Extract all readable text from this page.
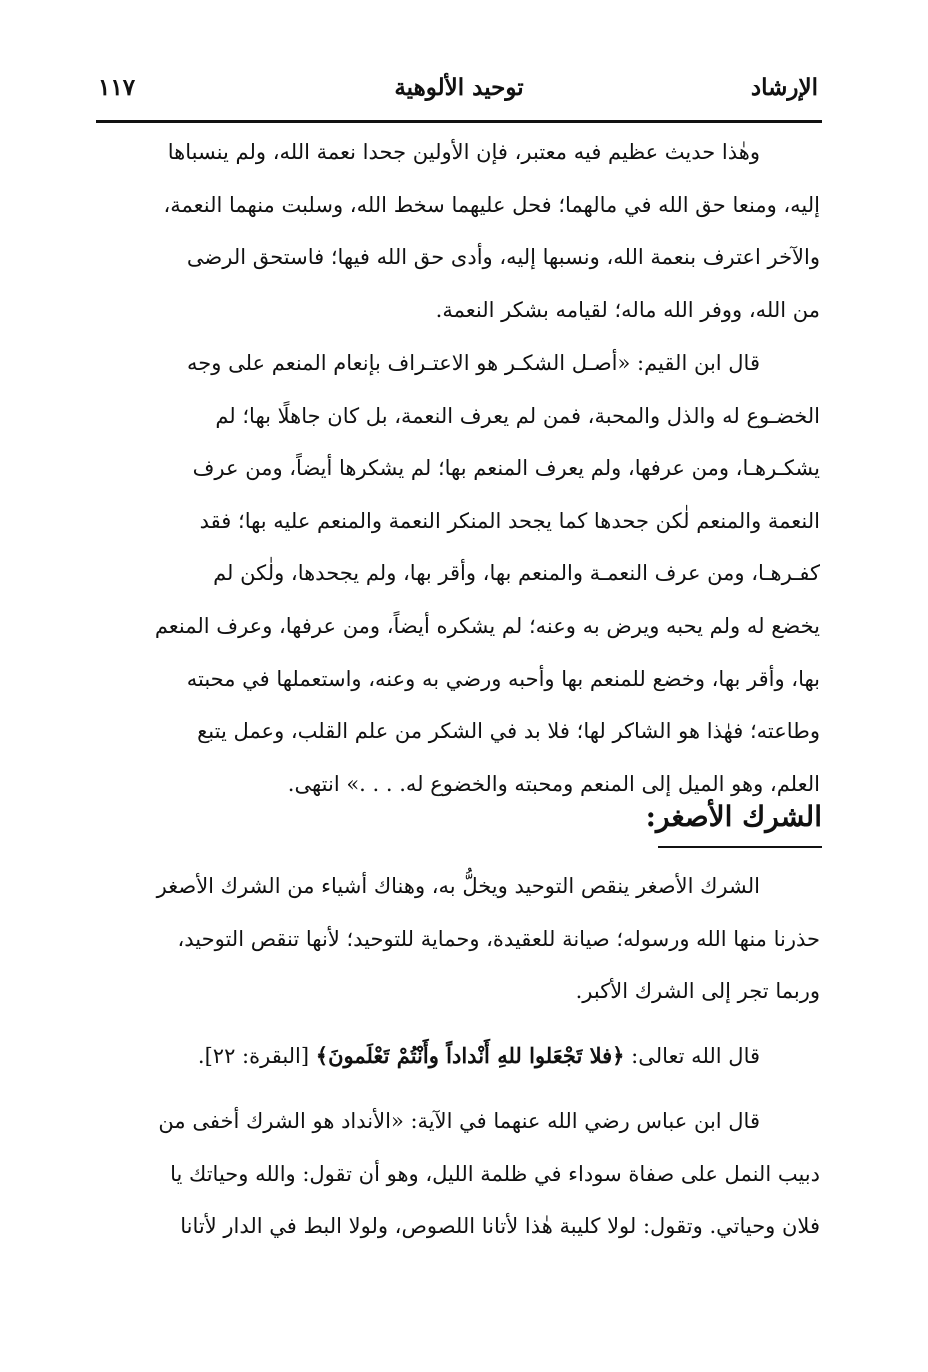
الإرشاد
توحيد الألوهية
١١٧
وهٰذا حديث عظيم فيه معتبر، فإن الأولين جحدا نعمة الله، ولم ينسباها
إليه، ومنعا حق الله في مالهما؛ فحل عليهما سخط الله، وسلبت منهما النعمة،
والآخر اعترف بنعمة الله، ونسبها إليه، وأدى حق الله فيها؛ فاستحق الرضى
من الله، ووفر الله ماله؛ لقيامه بشكر النعمة.
قال ابن القيم: «أصـل الشكـر هو الاعتـراف بإنعام المنعم على وجه
الخضـوع له والذل والمحبة، فمن لم يعرف النعمة، بل كان جاهلًا بها؛ لم
يشكـرهـا، ومن عرفها، ولم يعرف المنعم بها؛ لم يشكرها أيضاً، ومن عرف
النعمة والمنعم لٰكن جحدها كما يجحد المنكر النعمة والمنعم عليه بها؛ فقد
كفـرهـا، ومن عرف النعمـة والمنعم بها، وأقر بها، ولم يجحدها، ولٰكن لم
يخضع له ولم يحبه ويرض به وعنه؛ لم يشكره أيضاً، ومن عرفها، وعرف المنعم
بها، وأقر بها، وخضع للمنعم بها وأحبه ورضي به وعنه، واستعملها في محبته
وطاعته؛ فهٰذا هو الشاكر لها؛ فلا بد في الشكر من علم القلب، وعمل يتبع
العلم، وهو الميل إلى المنعم ومحبته والخضوع له. . . .» انتهى.
الشرك الأصغر:
الشرك الأصغر ينقص التوحيد ويخلُّ به، وهناك أشياء من الشرك الأصغر
حذرنا منها الله ورسوله؛ صيانة للعقيدة، وحماية للتوحيد؛ لأنها تنقص التوحيد،
وربما تجر إلى الشرك الأكبر.
قال الله تعالى: ﴿فلا تَجْعَلوا للهِ أَنْداداً وأَنْتُمْ تَعْلَمونَ﴾ [البقرة: ٢٢].
قال ابن عباس رضي الله عنهما في الآية: «الأنداد هو الشرك أخفى من
دبيب النمل على صفاة سوداء في ظلمة الليل، وهو أن تقول: والله وحياتك يا
فلان وحياتي. وتقول: لولا كليبة هٰذا لأتانا اللصوص، ولولا البط في الدار لأتانا
